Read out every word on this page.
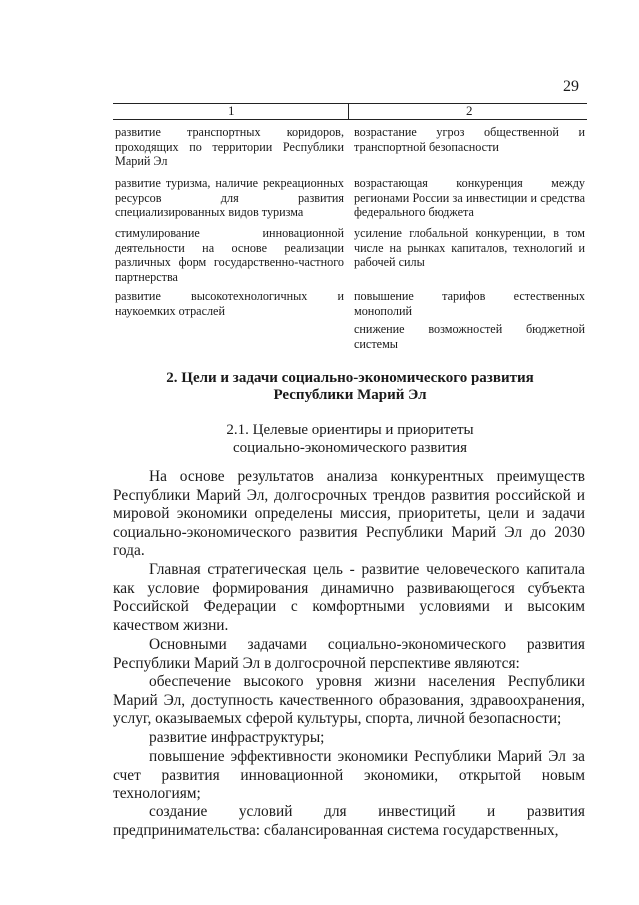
29
1	2
развитие транспортных коридоров, проходящих по территории Республики Марий Эл
возрастание угроз общественной и транспортной безопасности
развитие туризма, наличие рекреационных ресурсов для развития специализированных видов туризма
возрастающая конкуренция между регионами России за инвестиции и средства федерального бюджета
стимулирование инновационной деятельности на основе реализации различных форм государственно-частного партнерства
усиление глобальной конкуренции, в том числе на рынках капиталов, технологий и рабочей силы
развитие высокотехнологичных и наукоемких отраслей
повышение тарифов естественных монополий
снижение возможностей бюджетной системы
2. Цели и задачи социально-экономического развития
Республики Марий Эл
2.1. Целевые ориентиры и приоритеты
социально-экономического развития
На основе результатов анализа конкурентных преимуществ Республики Марий Эл, долгосрочных трендов развития российской и мировой экономики определены миссия, приоритеты, цели и задачи социально-экономического развития Республики Марий Эл до 2030 года.
Главная стратегическая цель - развитие человеческого капитала как условие формирования динамично развивающегося субъекта Российской Федерации с комфортными условиями и высоким качеством жизни.
Основными задачами социально-экономического развития Республики Марий Эл в долгосрочной перспективе являются:
обеспечение высокого уровня жизни населения Республики Марий Эл, доступность качественного образования, здравоохранения, услуг, оказываемых сферой культуры, спорта, личной безопасности;
развитие инфраструктуры;
повышение эффективности экономики Республики Марий Эл за счет развития инновационной экономики, открытой новым технологиям;
создание условий для инвестиций и развития предпринимательства: сбалансированная система государственных,
